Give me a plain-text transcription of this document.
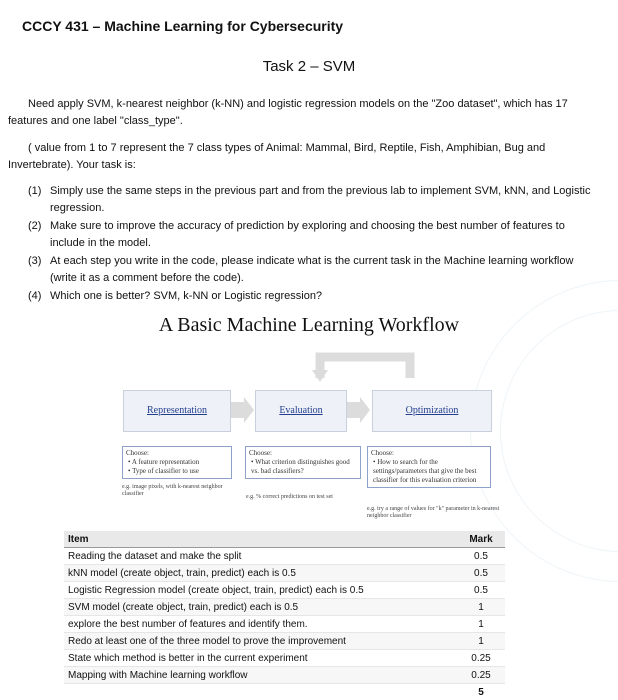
CCCY 431 – Machine Learning for Cybersecurity
Task 2 – SVM
Need apply SVM, k-nearest neighbor (k-NN) and logistic regression models on the "Zoo dataset", which has 17 features and one label "class_type".
( value from 1 to 7 represent the 7 class types of Animal: Mammal, Bird, Reptile, Fish, Amphibian, Bug and Invertebrate). Your task is:
(1) Simply use the same steps in the previous part and from the previous lab to implement SVM, kNN, and Logistic regression.
(2) Make sure to improve the accuracy of prediction by exploring and choosing the best number of features to include in the model.
(3) At each step you write in the code, please indicate what is the current task in the Machine learning workflow (write it as a comment before the code).
(4) Which one is better? SVM, k-NN or Logistic regression?
A Basic Machine Learning Workflow
Representation	Evaluation	Optimization
Choose:
• A feature representation
• Type of classifier to use
e.g. image pixels, with k-nearest neighbor classifier
Choose:
• What criterion distinguishes good vs. bad classifiers?
e.g. % correct predictions on test set
Choose:
• How to search for the settings/parameters that give the best classifier for this evaluation criterion
e.g. try a range of values for "k" parameter in k-nearest neighbor classifier
Item	Mark
Reading the dataset and make the split	0.5
kNN model (create object, train, predict) each is 0.5	0.5
Logistic Regression model (create object, train, predict) each is 0.5	0.5
SVM model (create object, train, predict) each is 0.5	1
explore the best number of features and identify them.	1
Redo at least one of the three model to prove the improvement	1
State which method is better in the current experiment	0.25
Mapping with Machine learning workflow	0.25
	5
